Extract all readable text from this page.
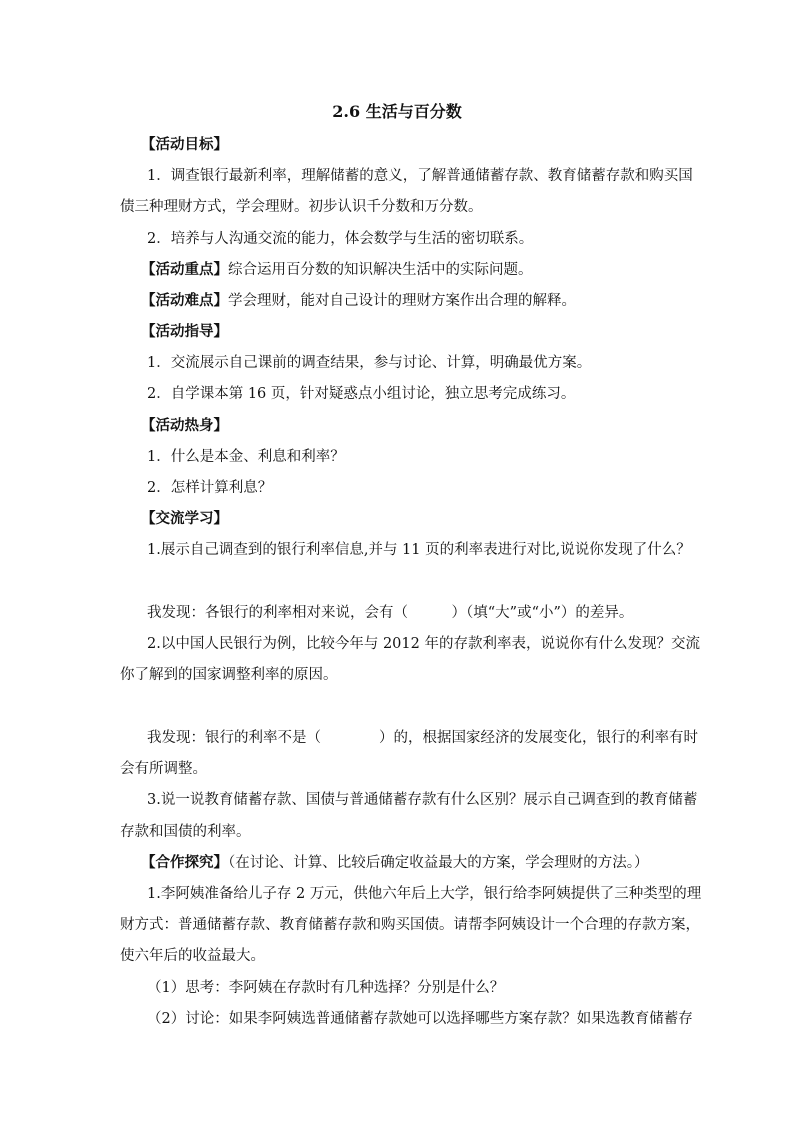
2.6 生活与百分数
【活动目标】
1．调查银行最新利率，理解储蓄的意义，了解普通储蓄存款、教育储蓄存款和购买国
债三种理财方式，学会理财。初步认识千分数和万分数。
2．培养与人沟通交流的能力，体会数学与生活的密切联系。
【活动重点】综合运用百分数的知识解决生活中的实际问题。
【活动难点】学会理财，能对自己设计的理财方案作出合理的解释。
【活动指导】
1．交流展示自己课前的调查结果，参与讨论、计算，明确最优方案。
2．自学课本第 16 页，针对疑惑点小组讨论，独立思考完成练习。
【活动热身】
1．什么是本金、利息和利率？
2．怎样计算利息？
【交流学习】
1.展示自己调查到的银行利率信息,并与 11 页的利率表进行对比,说说你发现了什么？
我发现：各银行的利率相对来说，会有（　　　）（填“大”或“小”）的差异。
2.以中国人民银行为例，比较今年与 2012 年的存款利率表，说说你有什么发现？交流
你了解到的国家调整利率的原因。
我发现：银行的利率不是（　　　　）的，根据国家经济的发展变化，银行的利率有时
会有所调整。
3.说一说教育储蓄存款、国债与普通储蓄存款有什么区别？展示自己调查到的教育储蓄
存款和国债的利率。
【合作探究】（在讨论、计算、比较后确定收益最大的方案，学会理财的方法。）
1.李阿姨准备给儿子存 2 万元，供他六年后上大学，银行给李阿姨提供了三种类型的理
财方式：普通储蓄存款、教育储蓄存款和购买国债。请帮李阿姨设计一个合理的存款方案，
使六年后的收益最大。
（1）思考：李阿姨在存款时有几种选择？分别是什么？
（2）讨论：如果李阿姨选普通储蓄存款她可以选择哪些方案存款？如果选教育储蓄存
